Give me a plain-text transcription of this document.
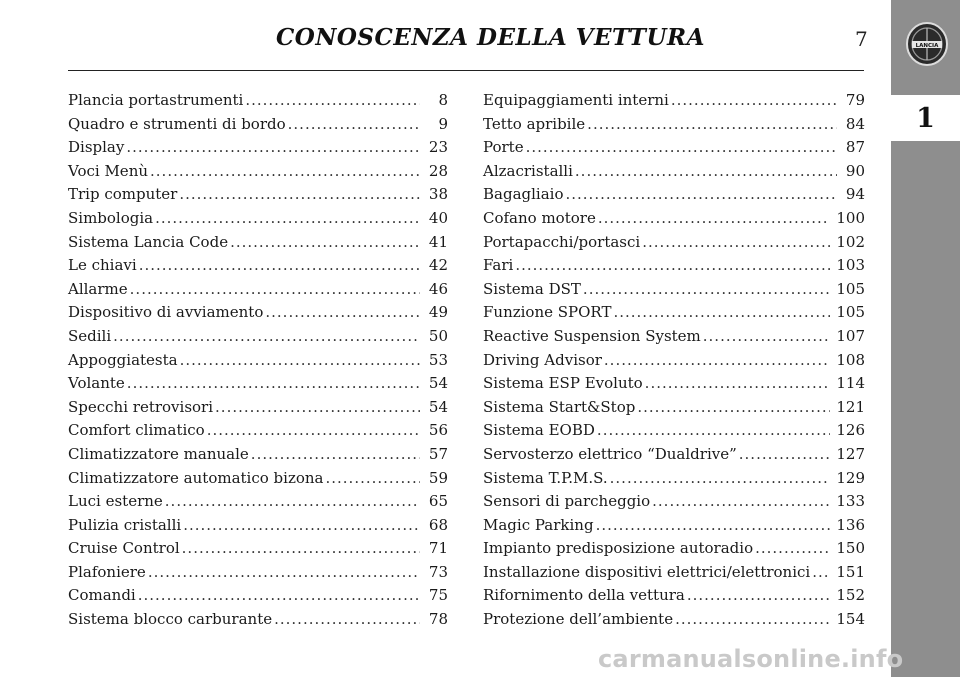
CONOSCENZA DELLA VETTURA	7	LANCIA
1
Plancia portastrumenti .....	8
Quadro e strumenti di bordo .....	9
Display .....	23
Voci Menù .....	28
Trip computer .....	38
Simbologia .....	40
Sistema Lancia Code .....	41
Le chiavi .....	42
Allarme .....	46
Dispositivo di avviamento .....	49
Sedili .....	50
Appoggiatesta .....	53
Volante .....	54
Specchi retrovisori .....	54
Comfort climatico .....	56
Climatizzatore manuale .....	57
Climatizzatore automatico bizona .....	59
Luci esterne .....	65
Pulizia cristalli .....	68
Cruise Control .....	71
Plafoniere .....	73
Comandi .....	75
Sistema blocco carburante .....	78
Equipaggiamenti interni .....	79
Tetto apribile .....	84
Porte .....	87
Alzacristalli .....	90
Bagagliaio .....	94
Cofano motore .....	100
Portapacchi/portasci .....	102
Fari .....	103
Sistema DST .....	105
Funzione SPORT .....	105
Reactive Suspension System .....	107
Driving Advisor .....	108
Sistema ESP Evoluto .....	114
Sistema Start&Stop .....	121
Sistema EOBD .....	126
Servosterzo elettrico “Dualdrive” .....	127
Sistema T.P.M.S. .....	129
Sensori di parcheggio .....	133
Magic Parking .....	136
Impianto predisposizione autoradio .....	150
Installazione dispositivi elettrici/elettronici ..... 151
Rifornimento della vettura .....	152
Protezione dell’ambiente .....	154
carmanualsonline.info
